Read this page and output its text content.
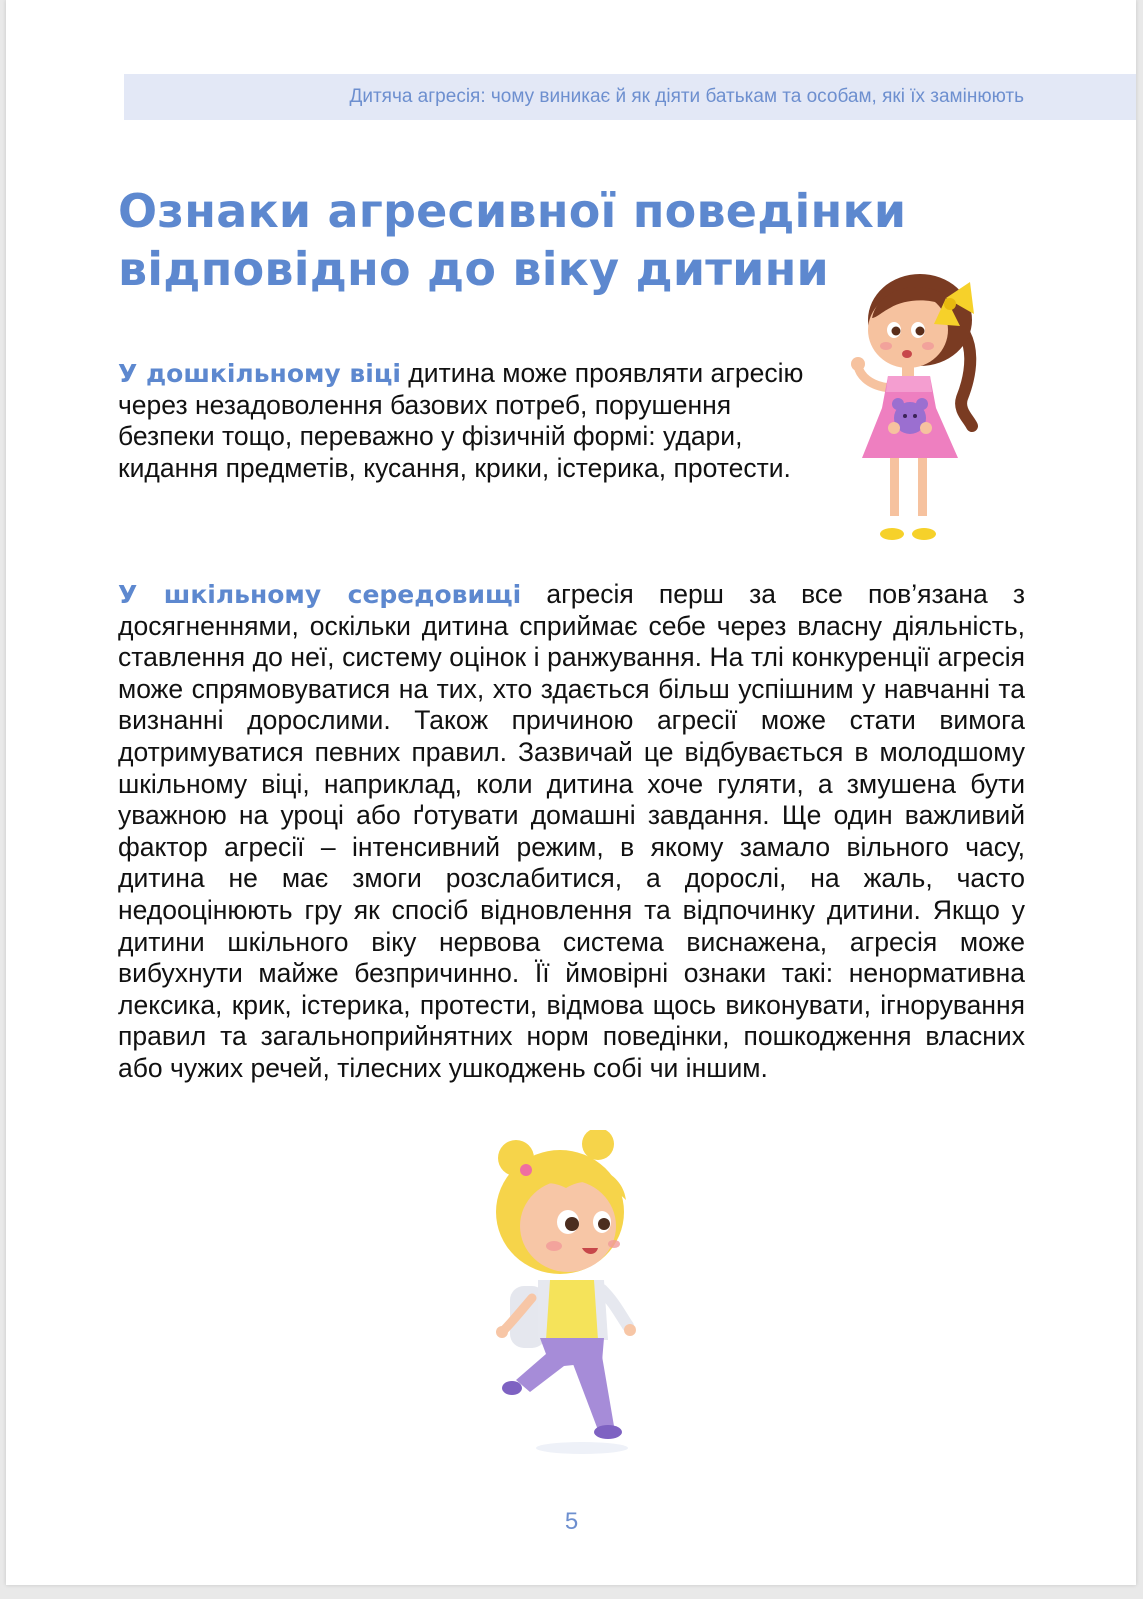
Дитяча агресія: чому виникає й як діяти батькам та особам, які їх замінюють
Ознаки агресивної поведінки
відповідно до віку дитини

У дошкільному віці дитина може проявляти агресію через незадоволення базових потреб, порушення безпеки тощо, переважно у фізичній формі: удари, кидання предметів, кусання, крики, істерика, протести.

У шкільному середовищі агресія перш за все пов’язана з досягненнями, оскільки дитина сприймає себе через власну діяльність, ставлення до неї, систему оцінок і ранжування. На тлі конкуренції агресія може спрямовуватися на тих, хто здається більш успішним у навчанні та визнанні дорослими. Також причиною агресії може стати вимога дотримуватися певних правил. Зазвичай це відбувається в молодшому шкільному віці, наприклад, коли дитина хоче гуляти, а змушена бути уважною на уроці або ґотувати домашні завдання. Ще один важливий фактор агресії – інтенсивний режим, в якому замало вільного часу, дитина не має змоги розслабитися, а дорослі, на жаль, часто недооцінюють гру як спосіб відновлення та відпочинку дитини. Якщо у дитини шкільного віку нервова система виснажена, агресія може вибухнути майже безпричинно. Її ймовірні ознаки такі: ненормативна лексика, крик, істерика, протести, відмова щось виконувати, ігнорування правил та загальноприйнятних норм поведінки, пошкодження власних або чужих речей, тілесних ушкоджень собі чи іншим.

5
